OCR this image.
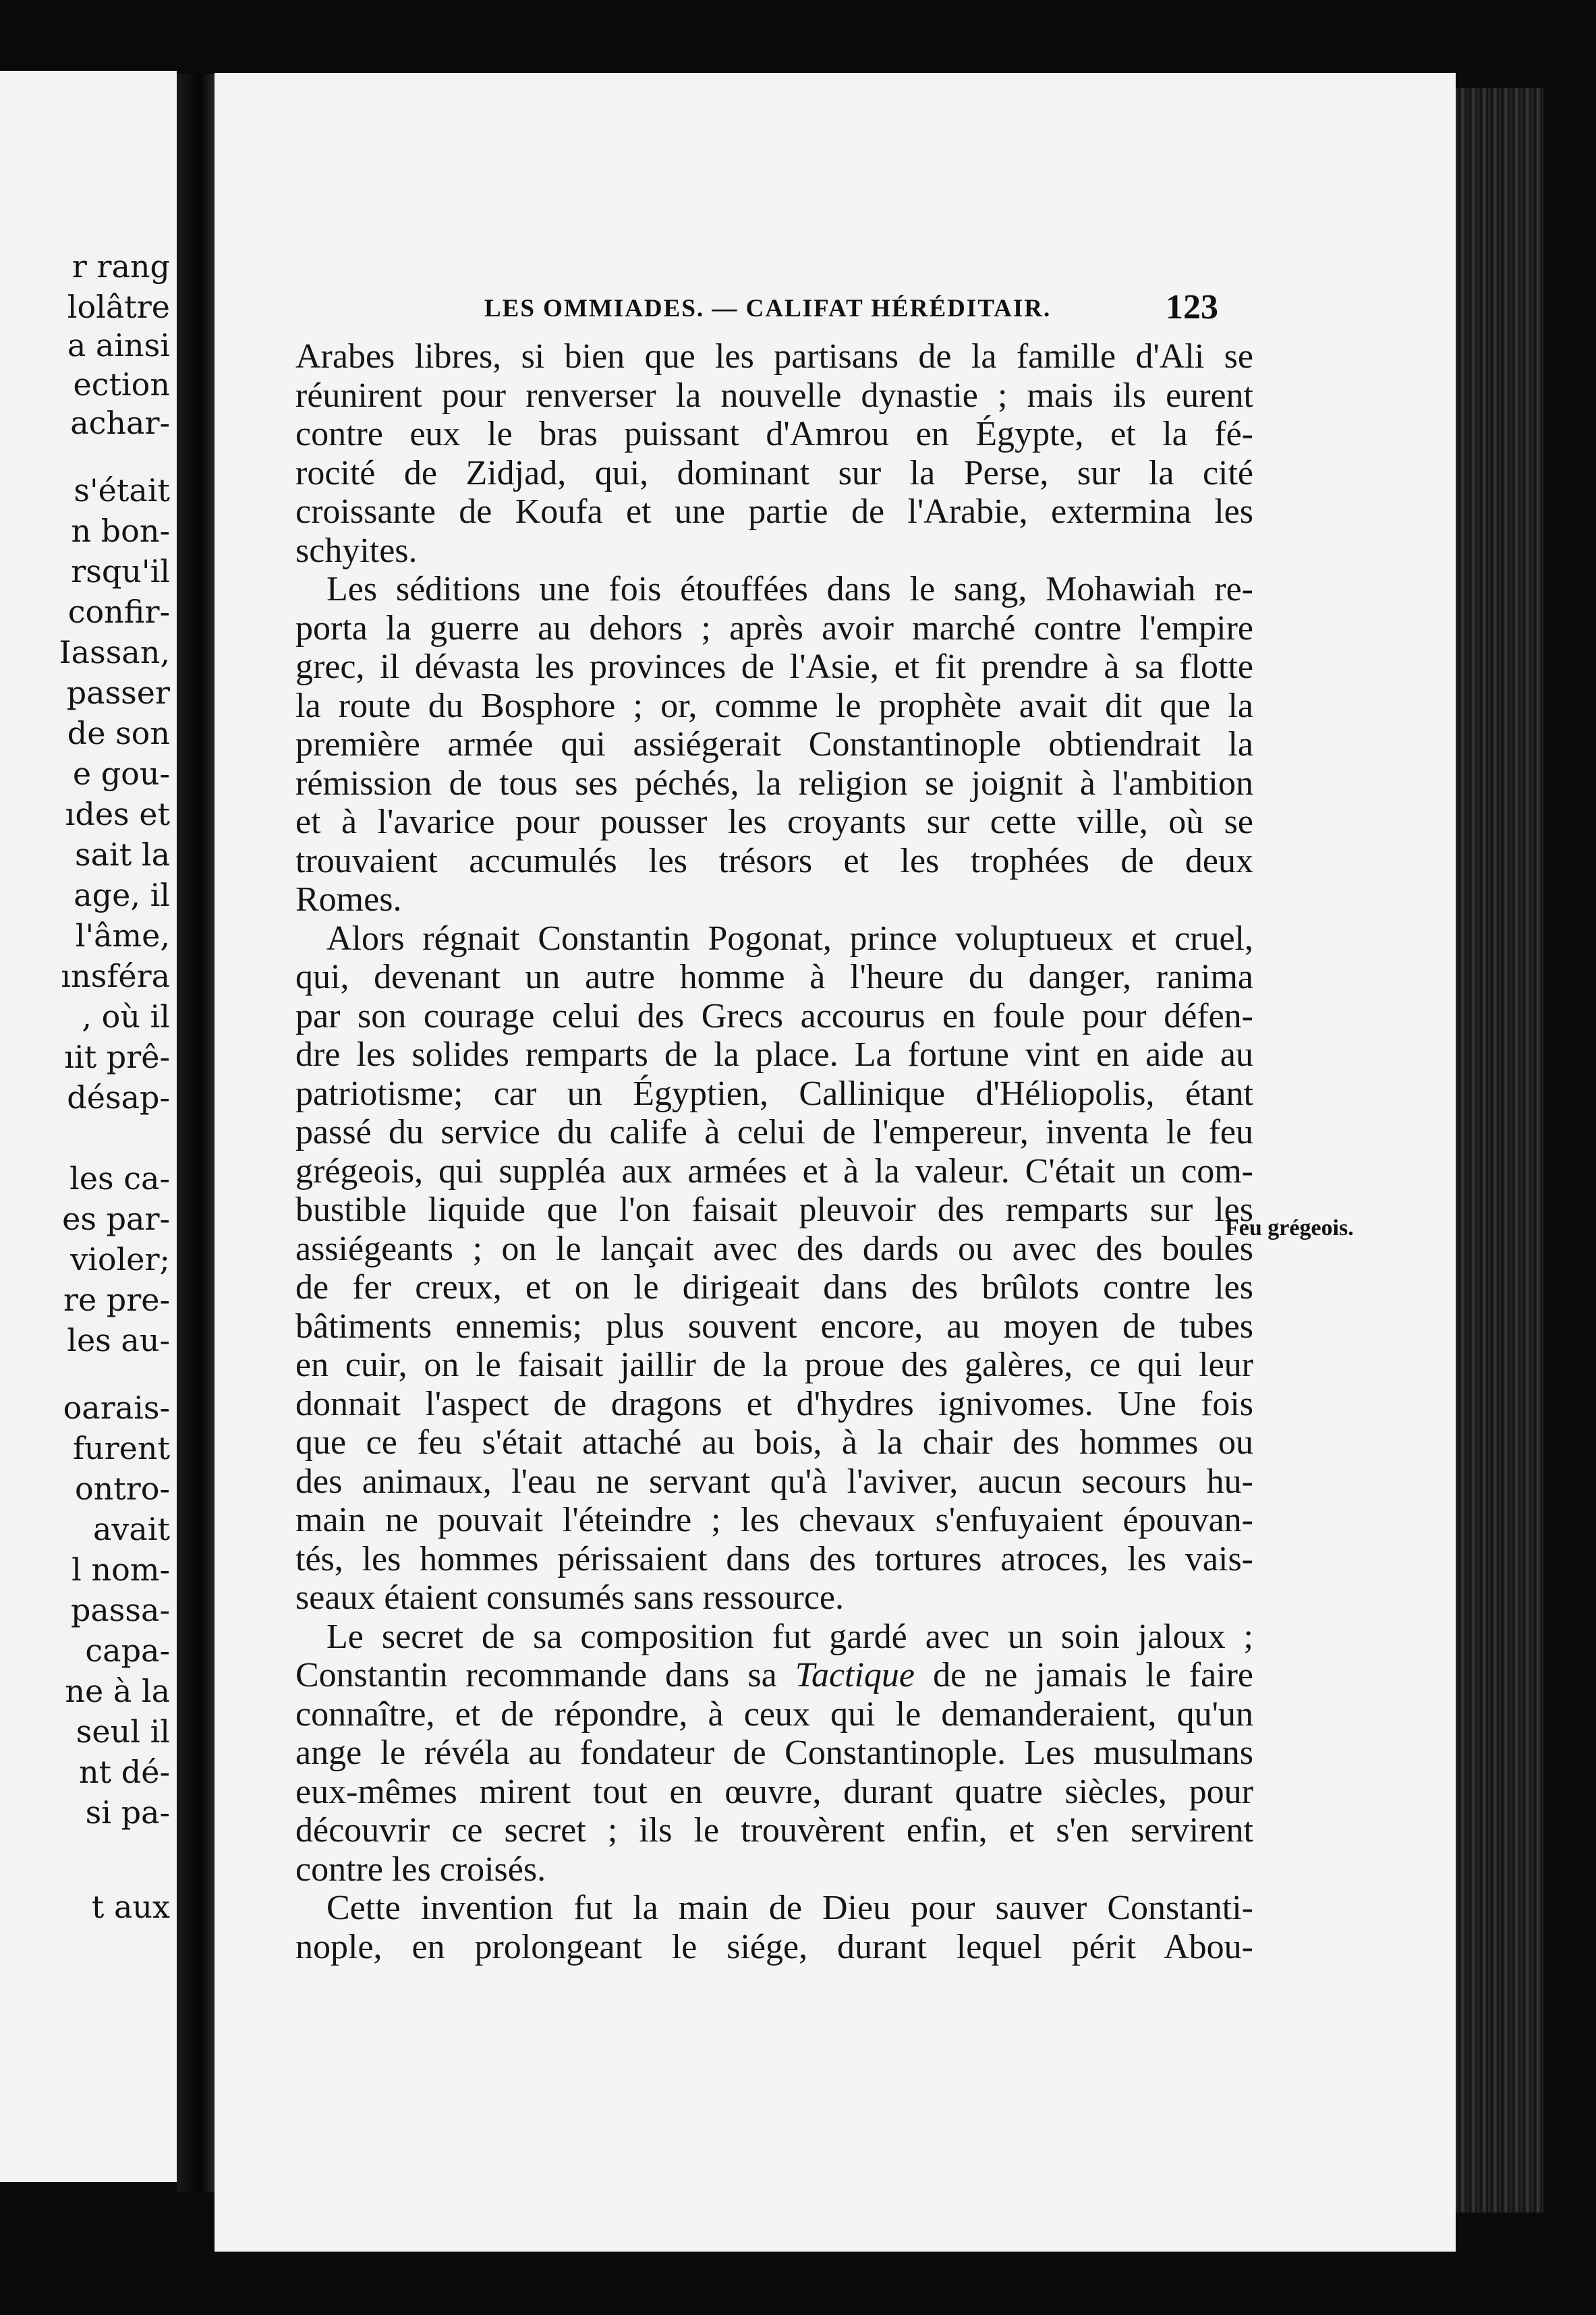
r rang
lolâtre
a ainsi
ection
achar-
s'était
n bon-
rsqu'il
confir-
Iassan,
passer
de son
e gou-
ıdes et
sait la
age, il
l'âme,
ınsféra
, où il
ıit prê-
désap-
les ca-
es par-
violer;
re pre-
les au-
oarais-
furent
ontro-
avait
l nom-
passa-
capa-
ne à la
seul il
nt dé-
si pa-
t aux
LES OMMIADES. — CALIFAT HÉRÉDITAIR.	123
Arabes libres, si bien que les partisans de la famille d'Ali se
réunirent pour renverser la nouvelle dynastie ; mais ils eurent
contre eux le bras puissant d'Amrou en Égypte, et la fé-
rocité de Zidjad, qui, dominant sur la Perse, sur la cité
croissante de Koufa et une partie de l'Arabie, extermina les
schyites.
Les séditions une fois étouffées dans le sang, Mohawiah re-
porta la guerre au dehors ; après avoir marché contre l'empire
grec, il dévasta les provinces de l'Asie, et fit prendre à sa flotte
la route du Bosphore ; or, comme le prophète avait dit que la
première armée qui assiégerait Constantinople obtiendrait la
rémission de tous ses péchés, la religion se joignit à l'ambition
et à l'avarice pour pousser les croyants sur cette ville, où se
trouvaient accumulés les trésors et les trophées de deux
Romes.
Alors régnait Constantin Pogonat, prince voluptueux et cruel,
qui, devenant un autre homme à l'heure du danger, ranima
par son courage celui des Grecs accourus en foule pour défen-
dre les solides remparts de la place. La fortune vint en aide au
patriotisme; car un Égyptien, Callinique d'Héliopolis, étant
passé du service du calife à celui de l'empereur, inventa le feu
grégeois, qui suppléa aux armées et à la valeur. C'était un com-
bustible liquide que l'on faisait pleuvoir des remparts sur les
assiégeants ; on le lançait avec des dards ou avec des boules
de fer creux, et on le dirigeait dans des brûlots contre les
bâtiments ennemis; plus souvent encore, au moyen de tubes
en cuir, on le faisait jaillir de la proue des galères, ce qui leur
donnait l'aspect de dragons et d'hydres ignivomes. Une fois
que ce feu s'était attaché au bois, à la chair des hommes ou
des animaux, l'eau ne servant qu'à l'aviver, aucun secours hu-
main ne pouvait l'éteindre ; les chevaux s'enfuyaient épouvan-
tés, les hommes périssaient dans des tortures atroces, les vais-
seaux étaient consumés sans ressource.
Le secret de sa composition fut gardé avec un soin jaloux ;
Constantin recommande dans sa Tactique de ne jamais le faire
connaître, et de répondre, à ceux qui le demanderaient, qu'un
ange le révéla au fondateur de Constantinople. Les musulmans
eux-mêmes mirent tout en œuvre, durant quatre siècles, pour
découvrir ce secret ; ils le trouvèrent enfin, et s'en servirent
contre les croisés.
Cette invention fut la main de Dieu pour sauver Constanti-
nople, en prolongeant le siége, durant lequel périt Abou-
Feu grégeois.
